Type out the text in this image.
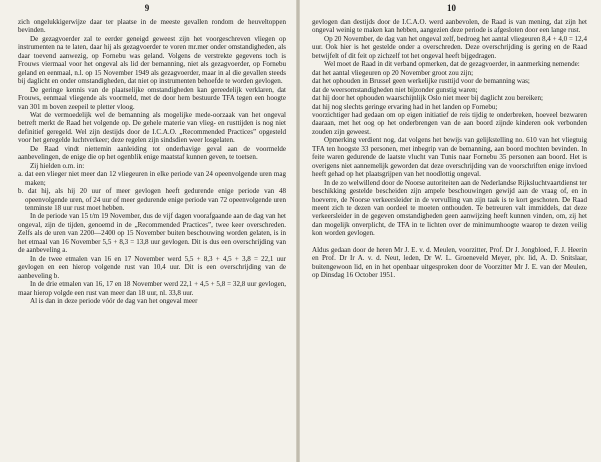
9

zich ongelukkigerwijze daar ter plaatse in de meeste gevallen rondom de heuveltoppen bevinden.

De gezagvoerder zal te eerder geneigd geweest zijn het voorgeschreven vliegen op instrumenten na te laten, daar hij als gezagvoerder te voren mr.mer onder omstandigheden, als daar toevend aanwezig, op Fornebu was geland. Volgens de verstrekte gegevens toch is Frouws viermaal voor het ongeval als lid der bemanning, niet als gezagvoerder, op Fornebu geland en eenmaal, n.l. op 15 November 1949 als gezagvoerder, maar in al die gevallen steeds bij daglicht en onder omstandigheden, dat niet op instrumenten behoefde te worden gevlogen.

De geringe kennis van de plaatselijke omstandigheden kan gereedelijk verklaren, dat Frouws, eenmaal vliegende als voormeld, met de door hem bestuurde TFA tegen een hoogte van 301 m boven zeepeil te pletter vloog.

Wat de vermoedelijk wel de bemanning als mogelijke mede-oorzaak van het ongeval betreft merkt de Raad het volgende op. De gehele materie van vlieg- en rusttijden is nog niet definitief geregeld. Wel zijn destijds door de I.C.A.O. „Recommended Practices” opgesteld voor het geregelde luchtverkeer; deze regelen zijn sindsdien weer losgelaten.

De Raad vindt niettemin aanleiding tot onderhavige geval aan de voormelde aanbevelingen, de enige die op het ogenblik enige maatstaf kunnen geven, te toetsen.

Zij hielden o.m. in:

a. dat een vlieger niet meer dan 12 vliegeuren in elke periode van 24 opeenvolgende uren mag maken;

b. dat hij, als hij 20 uur of meer gevlogen heeft gedurende enige periode van 48 opeenvolgende uren, of 24 uur of meer gedurende enige periode van 72 opeenvolgende uren tenminste 18 uur rust moet hebben.

In de periode van 15 t/m 19 November, dus de vijf dagen voorafgaande aan de dag van het ongeval, zijn de tijden, genoemd in de „Recommended Practices”, twee keer overschreden. Zelfs als de uren van 2200—2400 op 15 November buiten beschouwing worden gelaten, is in het etmaal van 16 November 5,5 + 8,3 = 13,8 uur gevlogen. Dit is dus een overschrijding van de aanbeveling a.

In de twee etmalen van 16 en 17 November werd 5,5 + 8,3 + 4,5 + 3,8 = 22,1 uur gevlogen en een hierop volgende rust van 10,4 uur. Dit is een overschrijding van de aanbeveling b.

In de drie etmalen van 16, 17 en 18 November werd 22,1 + 4,5 + 5,8 = 32,8 uur gevlogen, maar hierop volgde een rust van meer dan 18 uur, nl. 33,8 uur.

Al is dan in deze periode vóór de dag van het ongeval meer

10

gevlogen dan destijds door de I.C.A.O. werd aanbevolen, de Raad is van mening, dat zijn het ongeval weinig te maken kan hebben, aangezien deze periode is afgesloten door een lange rust.

Op 20 November, de dag van het ongeval zelf, bedroeg het aantal vliegeuren 8,4 + 4,0 = 12,4 uur. Ook hier is het gestelde onder a overschreden. Deze overschrijding is gering en de Raad betwijfelt of dit feit op zichzelf tot het ongeval heeft bijgedragen.

Wel moet de Raad in dit verband opmerken, dat de gezagvoerder, in aanmerking nemende:

dat het aantal vliegeuren op 20 November groot zou zijn;

dat het ophouden in Brussel geen werkelijke rusttijd voor de bemanning was;

dat de weersomstandigheden niet bijzonder gunstig waren;

dat hij door het ophouden waarschijnlijk Oslo niet meer bij daglicht zou bereiken;

dat hij nog slechts geringe ervaring had in het landen op Fornebu;

voorzichtiger had gedaan om op eigen initiatief de reis tijdig te onderbreken, hoeveel bezwaren daaraan, met het oog op het onderbrengen van de aan boord zijnde kinderen ook verbonden zouden zijn geweest.

Opmerking verdient nog, dat volgens het bewijs van gelijkstelling no. 610 van het vliegtuig TFA ten hoogste 33 personen, met inbegrip van de bemanning, aan boord mochten bevinden. In feite waren gedurende de laatste vlucht van Tunis naar Fornebu 35 personen aan boord. Het is overigens niet aannemelijk geworden dat deze overschrijding van de voorschriften enige invloed heeft gehad op het plaatsgrijpen van het noodlottig ongeval.

In de zo welwillend door de Noorse autoriteiten aan de Nederlandse Rijksluchtvaartdienst ter beschikking gestelde bescheiden zijn ampele beschouwingen gewijd aan de vraag of, en in hoeverre, de Noorse verkeersleider in de vervulling van zijn taak is te kort geschoten. De Raad meent zich te dezen van oordeel te moeten onthouden. Te betreuren valt immiddels, dat deze verkeersleider in de gegeven omstandigheden geen aanwijzing heeft kunnen vinden, om, zij het dan mogelijk onverplicht, de TFA in te lichten over de minimumhoogte waarop te dezen veilig kon worden gevlogen.

Aldus gedaan door de heren Mr J. E. v. d. Meulen, voorzitter, Prof. Dr J. Jongbloed, F. J. Heerin en Prof. Dr Ir A. v. d. Neut, leden, Dr W. L. Groeneveld Meyer, plv. lid, A. D. Snitslaar, buitengewoon lid, en in het openbaar uitgesproken door de Voorzitter Mr J. E. van der Meulen, op Dinsdag 16 October 1951.
